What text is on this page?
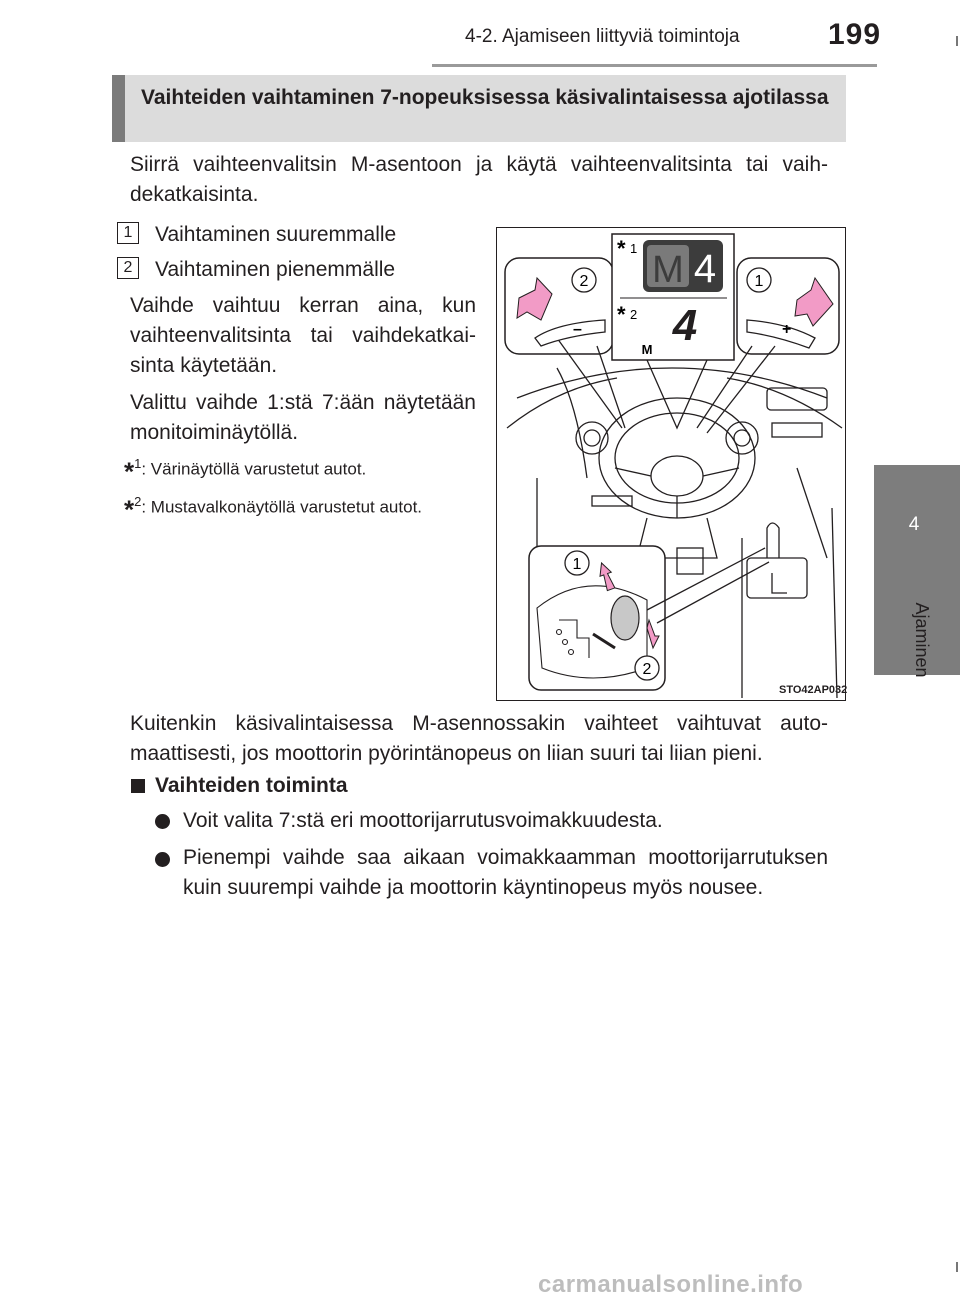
4-2. Ajamiseen liittyviä toimintoja	199
4
Ajaminen
Vaihteiden vaihtaminen 7-nopeuksisessa käsivalintaisessa ajotilassa
Siirrä vaihteenvalitsin M-asentoon ja käytä vaihteenvalitsinta tai vaihdekatkaisinta.
1	Vaihtaminen suuremmalle
2	Vaihtaminen pienemmälle
Vaihde vaihtuu kerran aina, kun vaihteenvalitsinta tai vaihdekatkaisinta käytetään.
Valittu vaihde 1:stä 7:ään näytetään monitoiminäytöllä.
*$^1$: Värinäytöllä varustetut autot.
*$^2$: Mustavalkonäytöllä varustetut autot.
–
2
+
1
M 4
* 1
* 2 4
M
1
2
STO42AP032
Kuitenkin käsivalintaisessa M-asennossakin vaihteet vaihtuvat automaattisesti, jos moottorin pyörintänopeus on liian suuri tai liian pieni.
Vaihteiden toiminta
Voit valita 7:stä eri moottorijarrutusvoimakkuudesta.
Pienempi vaihde saa aikaan voimakkaamman moottorijarrutuksen kuin suurempi vaihde ja moottorin käyntinopeus myös nousee.
carmanualsonline.info
